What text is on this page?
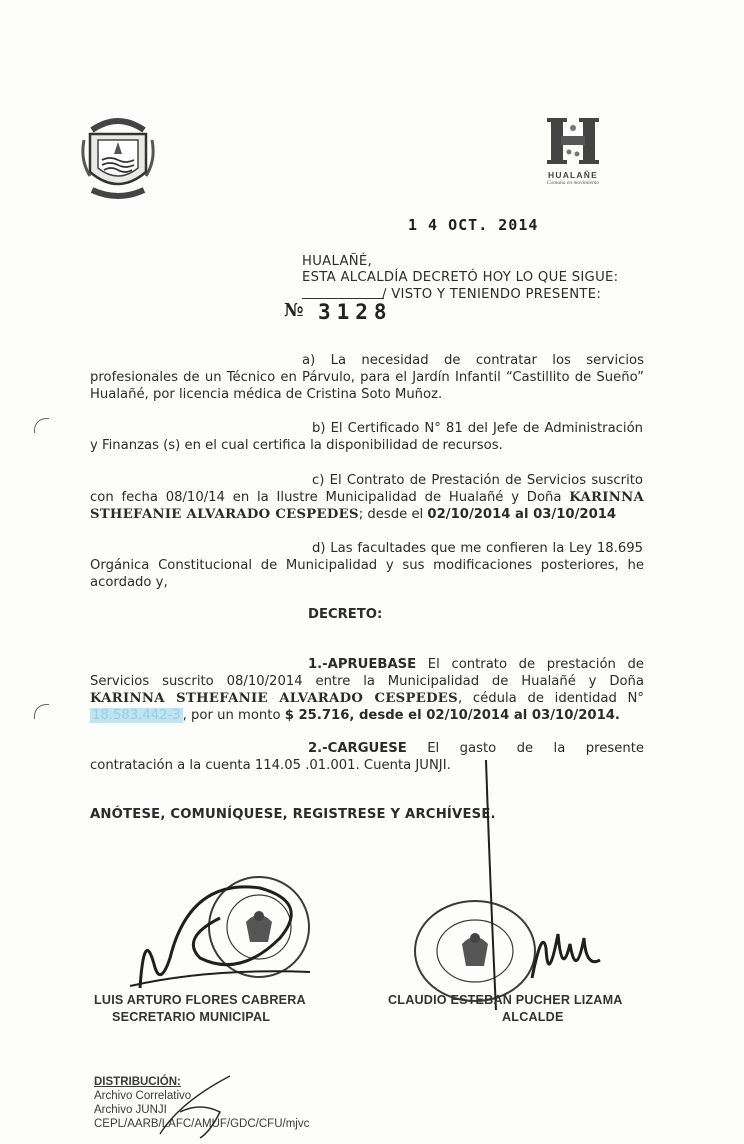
HUALAÑE
Comuna en movimiento
1 4 OCT. 2014
HUALAÑÉ,
ESTA ALCALDÍA DECRETÓ HOY LO QUE SIGUE:
/ VISTO Y TENIENDO PRESENTE:
№ 3128
a) La necesidad de contratar los servicios
profesionales de un Técnico en Párvulo, para el Jardín Infantil “Castillito de Sueño” Hualañé, por licencia médica de Cristina Soto Muñoz.
b) El Certificado N° 81 del Jefe de Administración
y Finanzas (s) en el cual certifica la disponibilidad de recursos.
c) El Contrato de Prestación de Servicios suscrito
con fecha 08/10/14 en la Ilustre Municipalidad de Hualañé y Doña KARINNA STHEFANIE ALVARADO CESPEDES; desde el 02/10/2014 al 03/10/2014
d) Las facultades que me confieren la Ley 18.695
Orgánica Constitucional de Municipalidad y sus modificaciones posteriores, he acordado y,
DECRETO:
1.-APRUEBASE El contrato de prestación de
Servicios suscrito 08/10/2014 entre la Municipalidad de Hualañé y Doña KARINNA STHEFANIE ALVARADO CESPEDES, cédula de identidad N° 18.583.442-3 , por un monto $ 25.716, desde el 02/10/2014 al 03/10/2014.
2.-CARGUESE El gasto de la presente
contratación a la cuenta 114.05 .01.001. Cuenta JUNJI.
ANÓTESE, COMUNÍQUESE, REGISTRESE Y ARCHÍVESE.
LUIS ARTURO FLORES CABRERA
SECRETARIO MUNICIPAL
CLAUDIO ESTEBAN PUCHER LIZAMA
ALCALDE
DISTRIBUCIÓN:
Archivo Correlativo
Archivo JUNJI
CEPL/AARB/LAFC/AMUF/GDC/CFU/mjvc
